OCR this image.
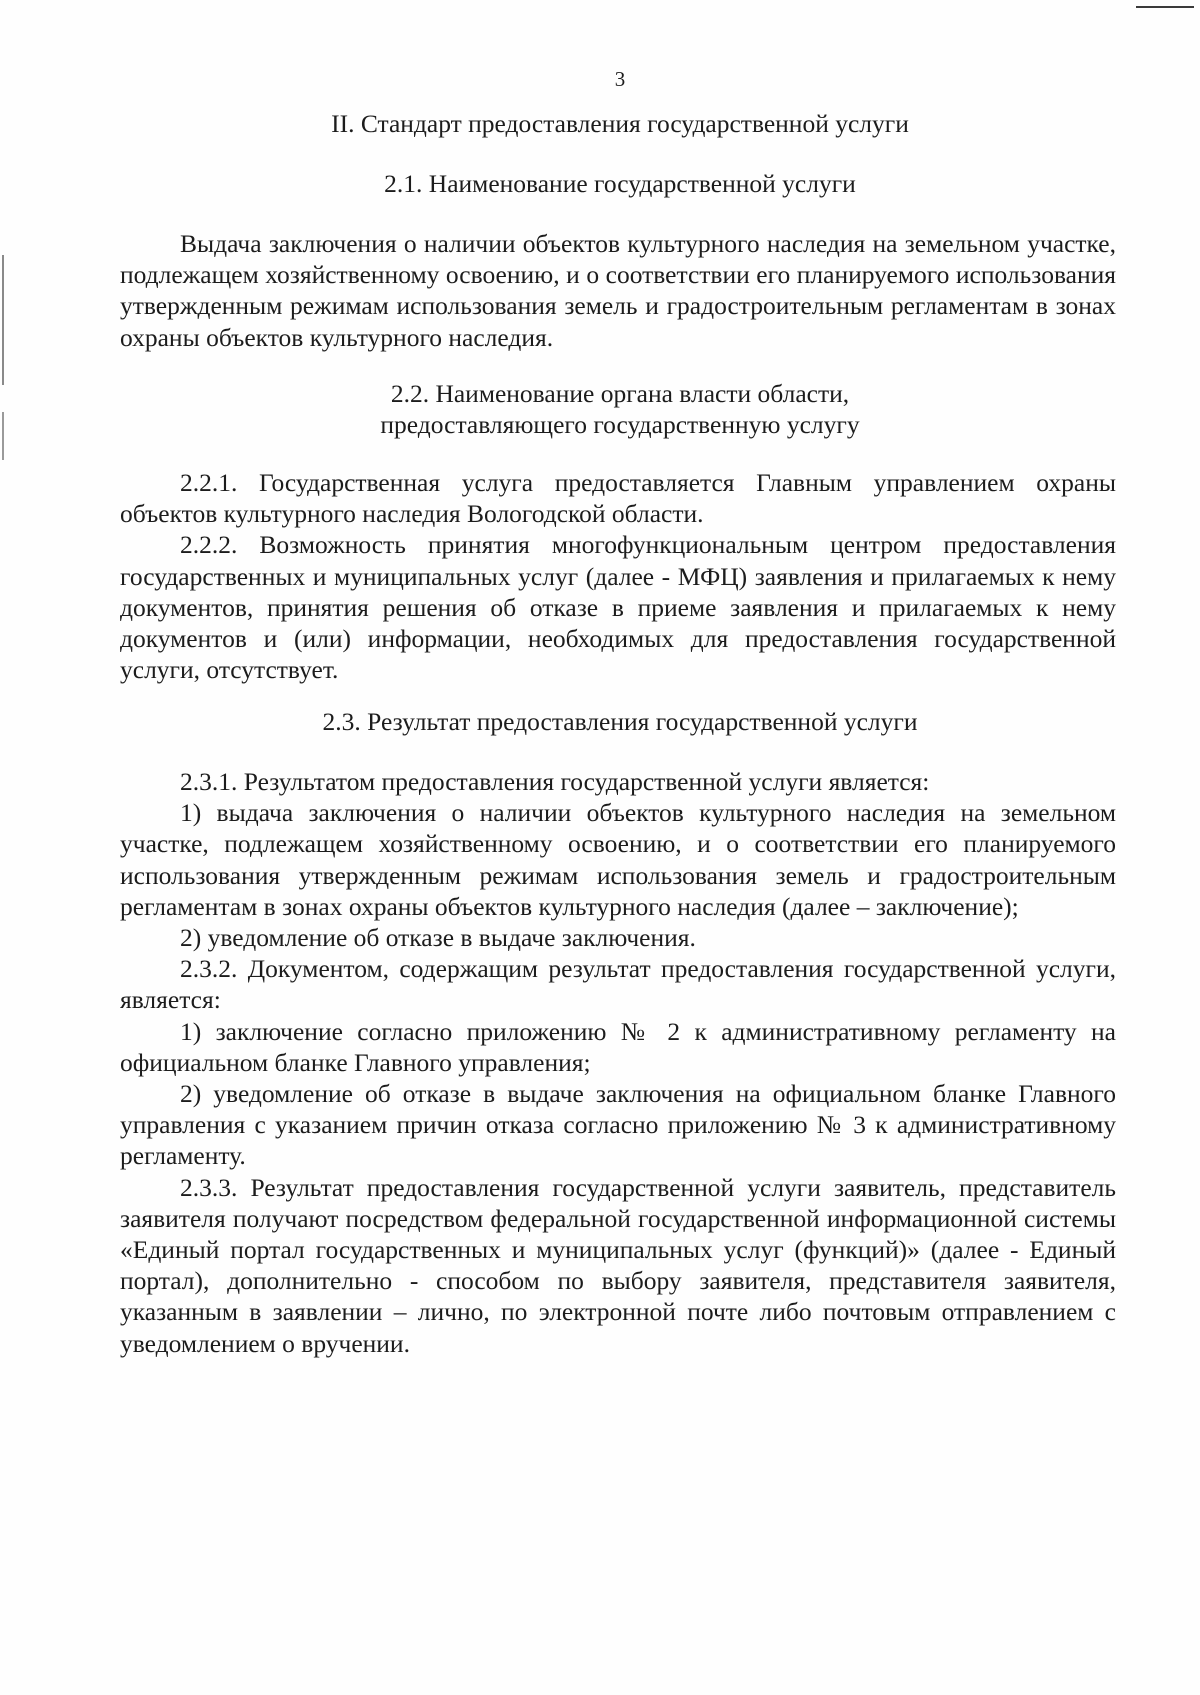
3
II. Стандарт предоставления государственной услуги
2.1. Наименование государственной услуги

Выдача заключения о наличии объектов культурного наследия на земельном участке, подлежащем хозяйственному освоению, и о соответствии его планируемого использования утвержденным режимам использования земель и градостроительным регламентам в зонах охраны объектов культурного наследия.

2.2. Наименование органа власти области,
предоставляющего государственную услугу

2.2.1. Государственная услуга предоставляется Главным управлением охраны объектов культурного наследия Вологодской области.

2.2.2. Возможность принятия многофункциональным центром предоставления государственных и муниципальных услуг (далее - МФЦ) заявления и прилагаемых к нему документов, принятия решения об отказе в приеме заявления и прилагаемых к нему документов и (или) информации, необходимых для предоставления государственной услуги, отсутствует.

2.3. Результат предоставления государственной услуги

2.3.1. Результатом предоставления государственной услуги является:

1) выдача заключения о наличии объектов культурного наследия на земельном участке, подлежащем хозяйственному освоению, и о соответствии его планируемого использования утвержденным режимам использования земель и градостроительным регламентам в зонах охраны объектов культурного наследия (далее – заключение);

2) уведомление об отказе в выдаче заключения.

2.3.2. Документом, содержащим результат предоставления государственной услуги, является:

1) заключение согласно приложению № 2 к административному регламенту на официальном бланке Главного управления;

2) уведомление об отказе в выдаче заключения на официальном бланке Главного управления с указанием причин отказа согласно приложению № 3 к административному регламенту.

2.3.3. Результат предоставления государственной услуги заявитель, представитель заявителя получают посредством федеральной государственной информационной системы «Единый портал государственных и муниципальных услуг (функций)» (далее - Единый портал), дополнительно - способом по выбору заявителя, представителя заявителя, указанным в заявлении – лично, по электронной почте либо почтовым отправлением с уведомлением о вручении.
